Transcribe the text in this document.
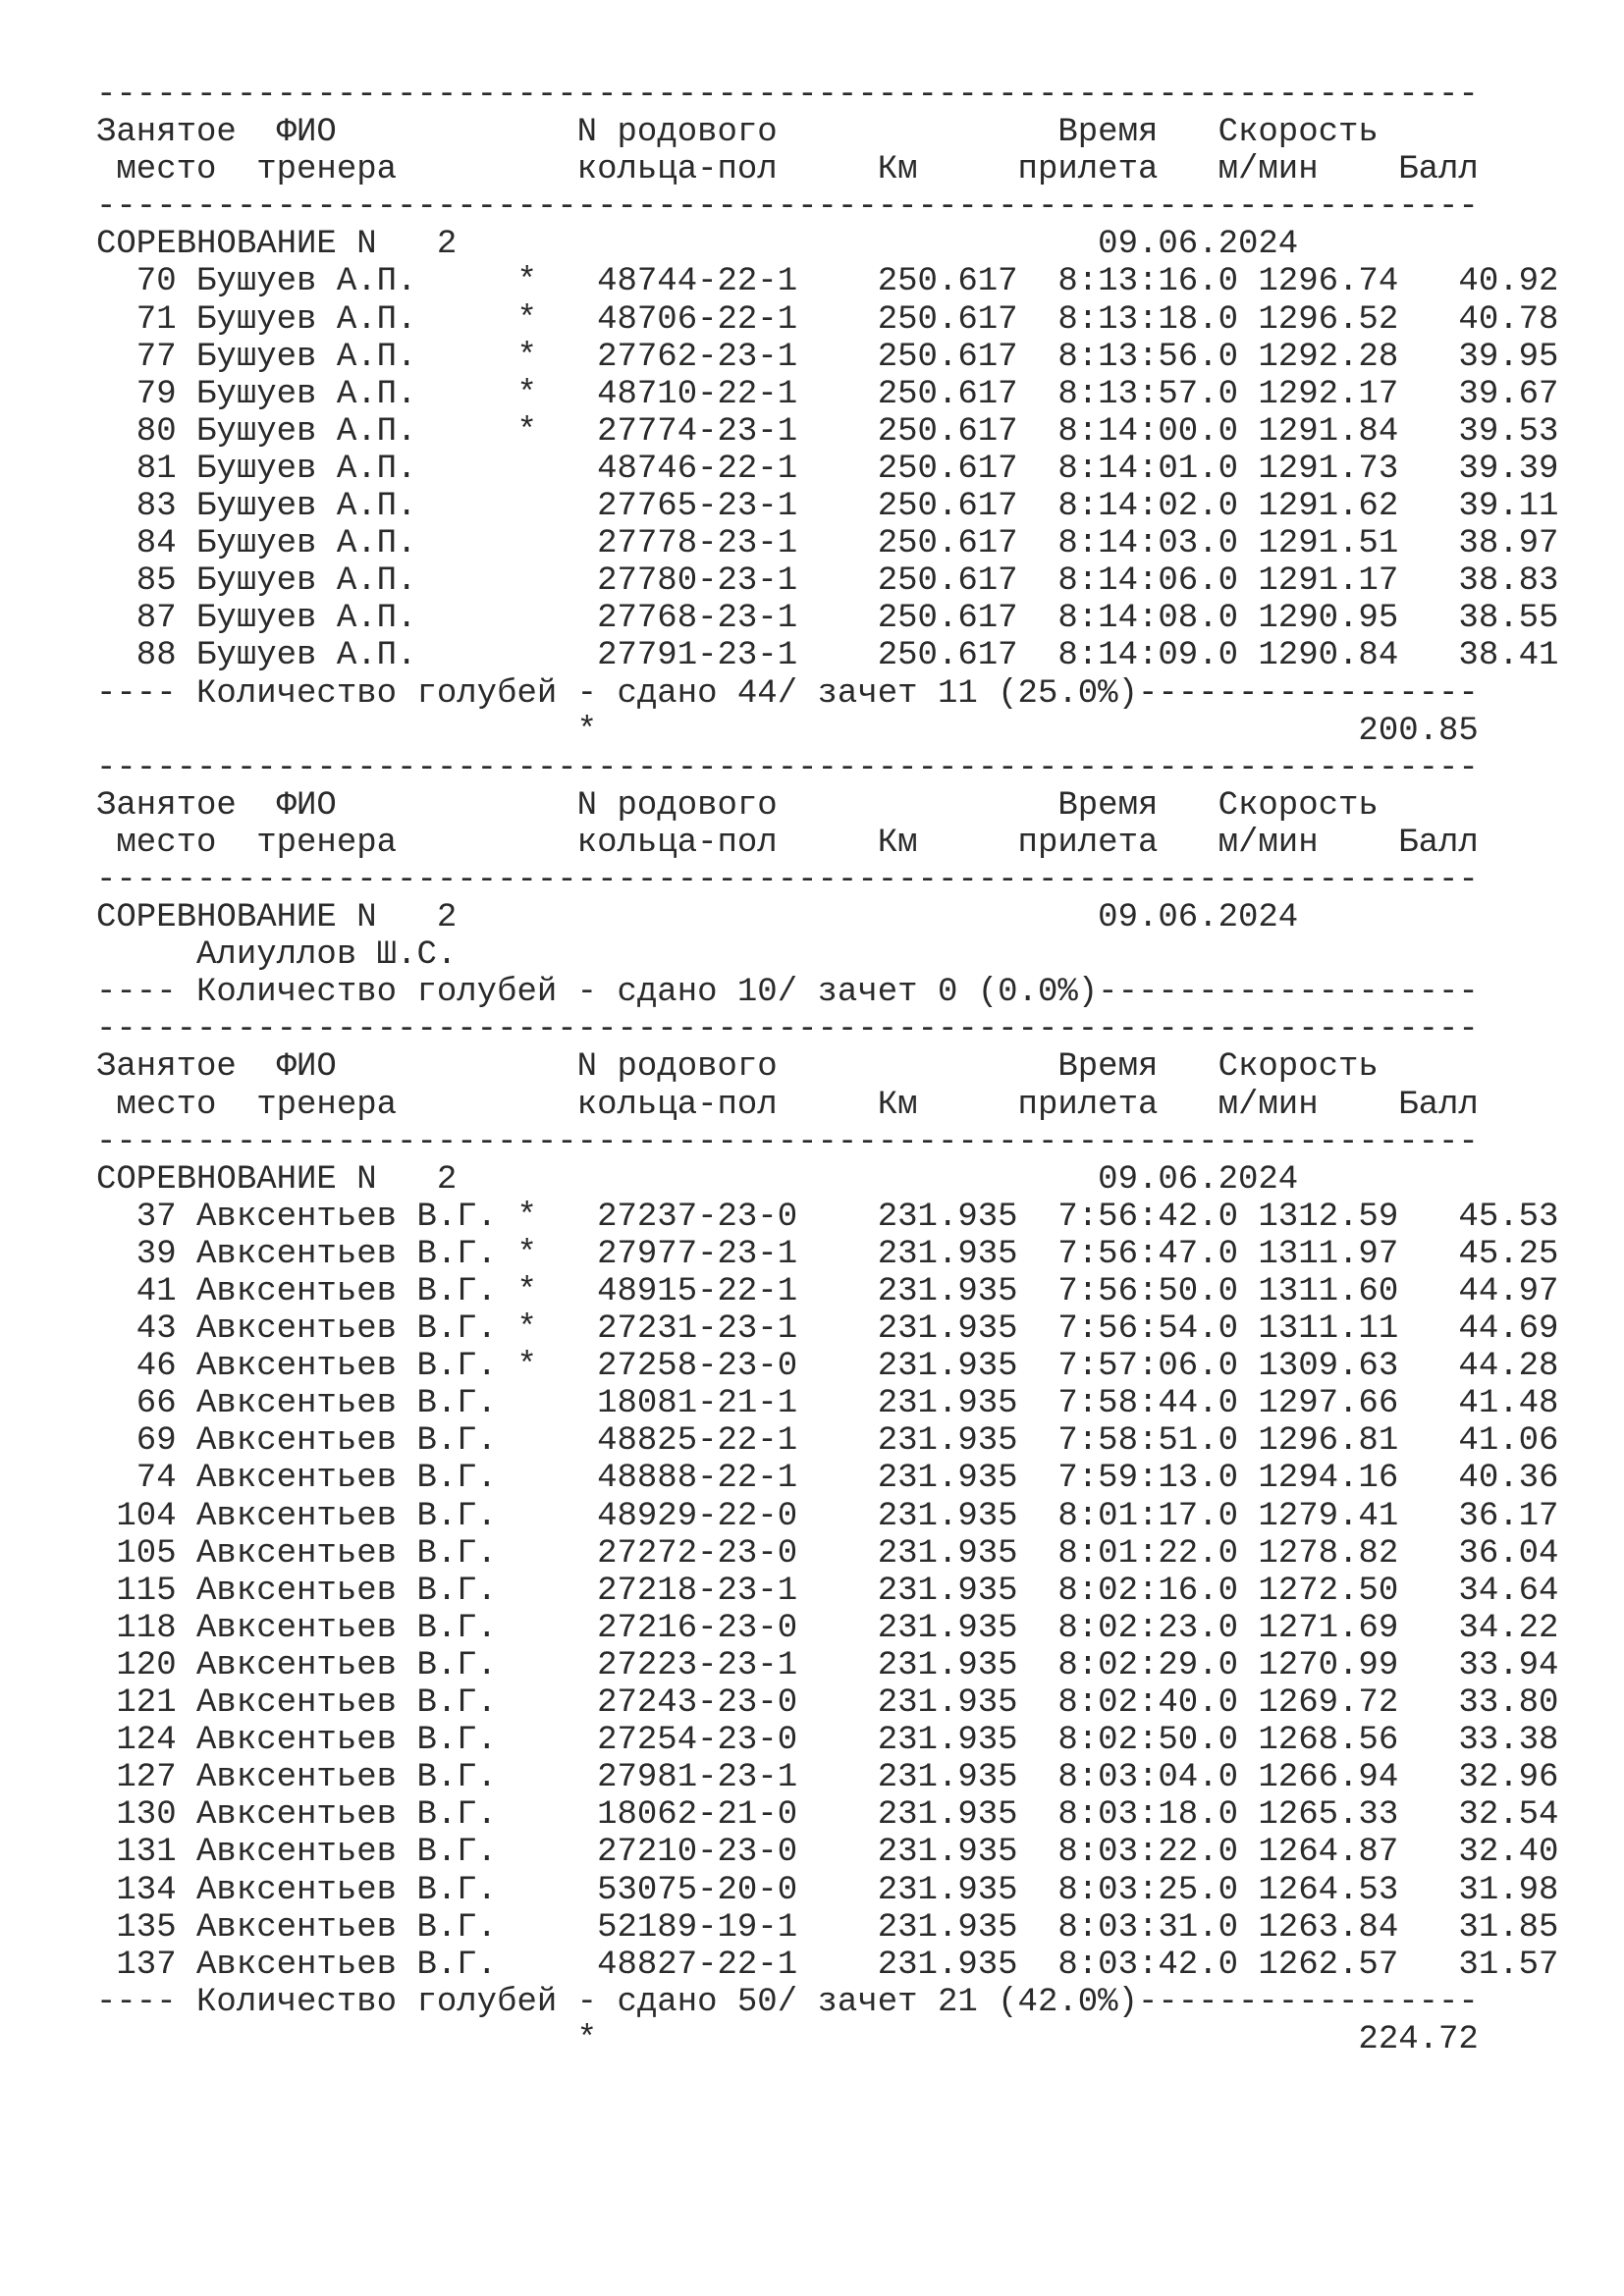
---------------------------------------------------------------------
Занятое  ФИО            N родового              Время   Скорость
место  тренера         кольца-пол     Км     прилета   м/мин    Балл
---------------------------------------------------------------------
СОРЕВНОВАНИЕ N   2                                09.06.2024
70 Бушуев А.П.     *   48744-22-1    250.617  8:13:16.0 1296.74   40.92
71 Бушуев А.П.     *   48706-22-1    250.617  8:13:18.0 1296.52   40.78
77 Бушуев А.П.     *   27762-23-1    250.617  8:13:56.0 1292.28   39.95
79 Бушуев А.П.     *   48710-22-1    250.617  8:13:57.0 1292.17   39.67
80 Бушуев А.П.     *   27774-23-1    250.617  8:14:00.0 1291.84   39.53
81 Бушуев А.П.         48746-22-1    250.617  8:14:01.0 1291.73   39.39
83 Бушуев А.П.         27765-23-1    250.617  8:14:02.0 1291.62   39.11
84 Бушуев А.П.         27778-23-1    250.617  8:14:03.0 1291.51   38.97
85 Бушуев А.П.         27780-23-1    250.617  8:14:06.0 1291.17   38.83
87 Бушуев А.П.         27768-23-1    250.617  8:14:08.0 1290.95   38.55
88 Бушуев А.П.         27791-23-1    250.617  8:14:09.0 1290.84   38.41
---- Количество голубей - сдано 44/ зачет 11 (25.0%)-----------------
*                                      200.85
---------------------------------------------------------------------
Занятое  ФИО            N родового              Время   Скорость
место  тренера         кольца-пол     Км     прилета   м/мин    Балл
---------------------------------------------------------------------
СОРЕВНОВАНИЕ N   2                                09.06.2024
Алиуллов Ш.С.
---- Количество голубей - сдано 10/ зачет 0 (0.0%)-------------------
---------------------------------------------------------------------
Занятое  ФИО            N родового              Время   Скорость
место  тренера         кольца-пол     Км     прилета   м/мин    Балл
---------------------------------------------------------------------
СОРЕВНОВАНИЕ N   2                                09.06.2024
37 Авксентьев В.Г. *   27237-23-0    231.935  7:56:42.0 1312.59   45.53
39 Авксентьев В.Г. *   27977-23-1    231.935  7:56:47.0 1311.97   45.25
41 Авксентьев В.Г. *   48915-22-1    231.935  7:56:50.0 1311.60   44.97
43 Авксентьев В.Г. *   27231-23-1    231.935  7:56:54.0 1311.11   44.69
46 Авксентьев В.Г. *   27258-23-0    231.935  7:57:06.0 1309.63   44.28
66 Авксентьев В.Г.     18081-21-1    231.935  7:58:44.0 1297.66   41.48
69 Авксентьев В.Г.     48825-22-1    231.935  7:58:51.0 1296.81   41.06
74 Авксентьев В.Г.     48888-22-1    231.935  7:59:13.0 1294.16   40.36
104 Авксентьев В.Г.     48929-22-0    231.935  8:01:17.0 1279.41   36.17
105 Авксентьев В.Г.     27272-23-0    231.935  8:01:22.0 1278.82   36.04
115 Авксентьев В.Г.     27218-23-1    231.935  8:02:16.0 1272.50   34.64
118 Авксентьев В.Г.     27216-23-0    231.935  8:02:23.0 1271.69   34.22
120 Авксентьев В.Г.     27223-23-1    231.935  8:02:29.0 1270.99   33.94
121 Авксентьев В.Г.     27243-23-0    231.935  8:02:40.0 1269.72   33.80
124 Авксентьев В.Г.     27254-23-0    231.935  8:02:50.0 1268.56   33.38
127 Авксентьев В.Г.     27981-23-1    231.935  8:03:04.0 1266.94   32.96
130 Авксентьев В.Г.     18062-21-0    231.935  8:03:18.0 1265.33   32.54
131 Авксентьев В.Г.     27210-23-0    231.935  8:03:22.0 1264.87   32.40
134 Авксентьев В.Г.     53075-20-0    231.935  8:03:25.0 1264.53   31.98
135 Авксентьев В.Г.     52189-19-1    231.935  8:03:31.0 1263.84   31.85
137 Авксентьев В.Г.     48827-22-1    231.935  8:03:42.0 1262.57   31.57
---- Количество голубей - сдано 50/ зачет 21 (42.0%)-----------------
*                                      224.72
